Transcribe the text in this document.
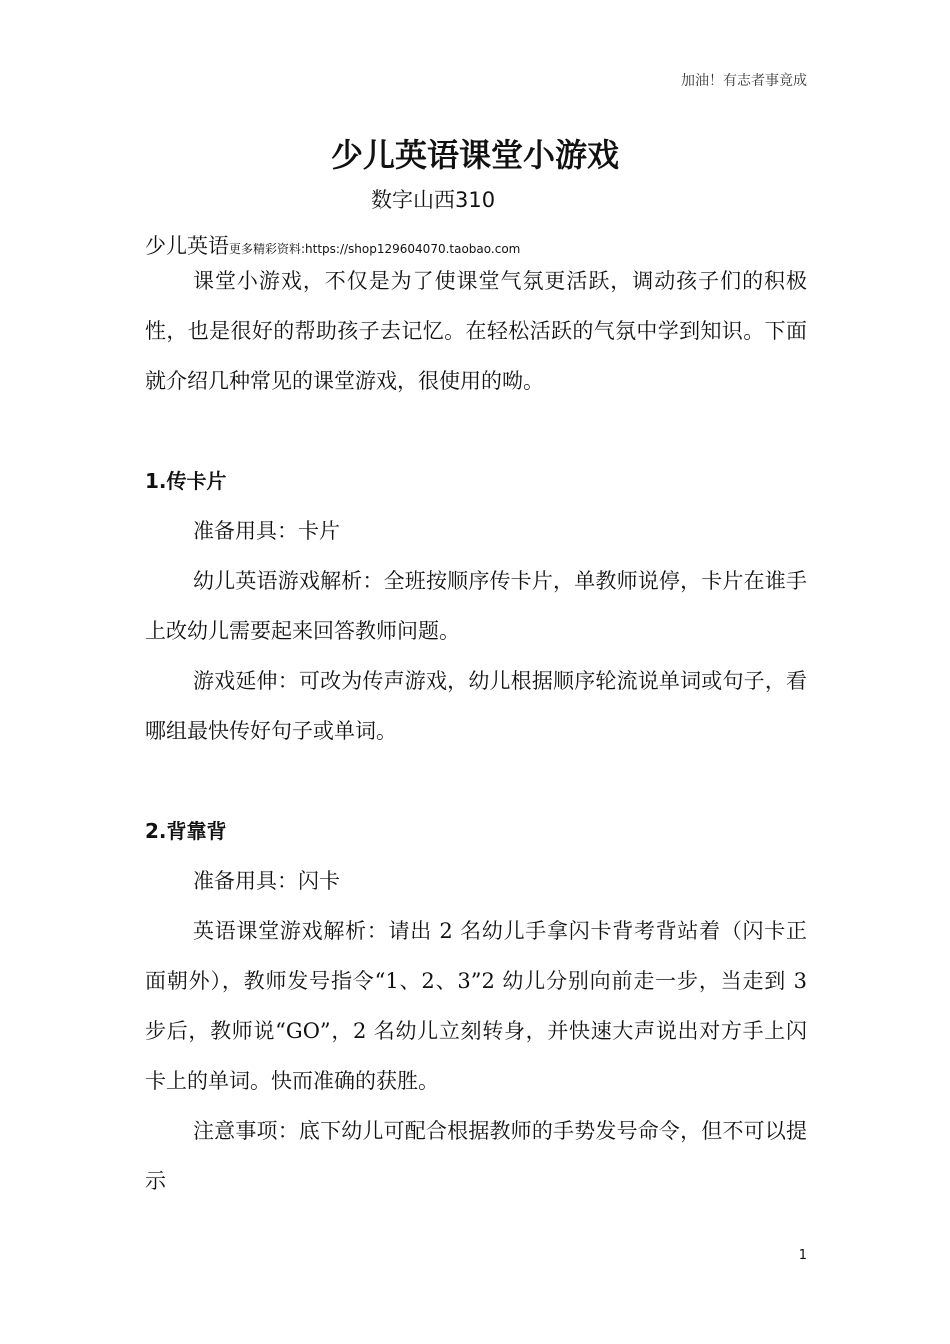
加油！有志者事竟成
少儿英语课堂小游戏
数字山西310
少儿英语更多精彩资料:https://shop129604070.taobao.com

课堂小游戏，不仅是为了使课堂气氛更活跃，调动孩子们的积极性，也是很好的帮助孩子去记忆。在轻松活跃的气氛中学到知识。下面就介绍几种常见的课堂游戏，很使用的呦。

1.传卡片

准备用具：卡片

幼儿英语游戏解析：全班按顺序传卡片，单教师说停，卡片在谁手上改幼儿需要起来回答教师问题。

游戏延伸：可改为传声游戏，幼儿根据顺序轮流说单词或句子，看哪组最快传好句子或单词。

2.背靠背

准备用具：闪卡

英语课堂游戏解析：请出 2 名幼儿手拿闪卡背考背站着（闪卡正面朝外），教师发号指令“1、2、3”2 幼儿分别向前走一步，当走到 3 步后，教师说“GO”，2 名幼儿立刻转身，并快速大声说出对方手上闪卡上的单词。快而准确的获胜。

注意事项：底下幼儿可配合根据教师的手势发号命令，但不可以提示

1
